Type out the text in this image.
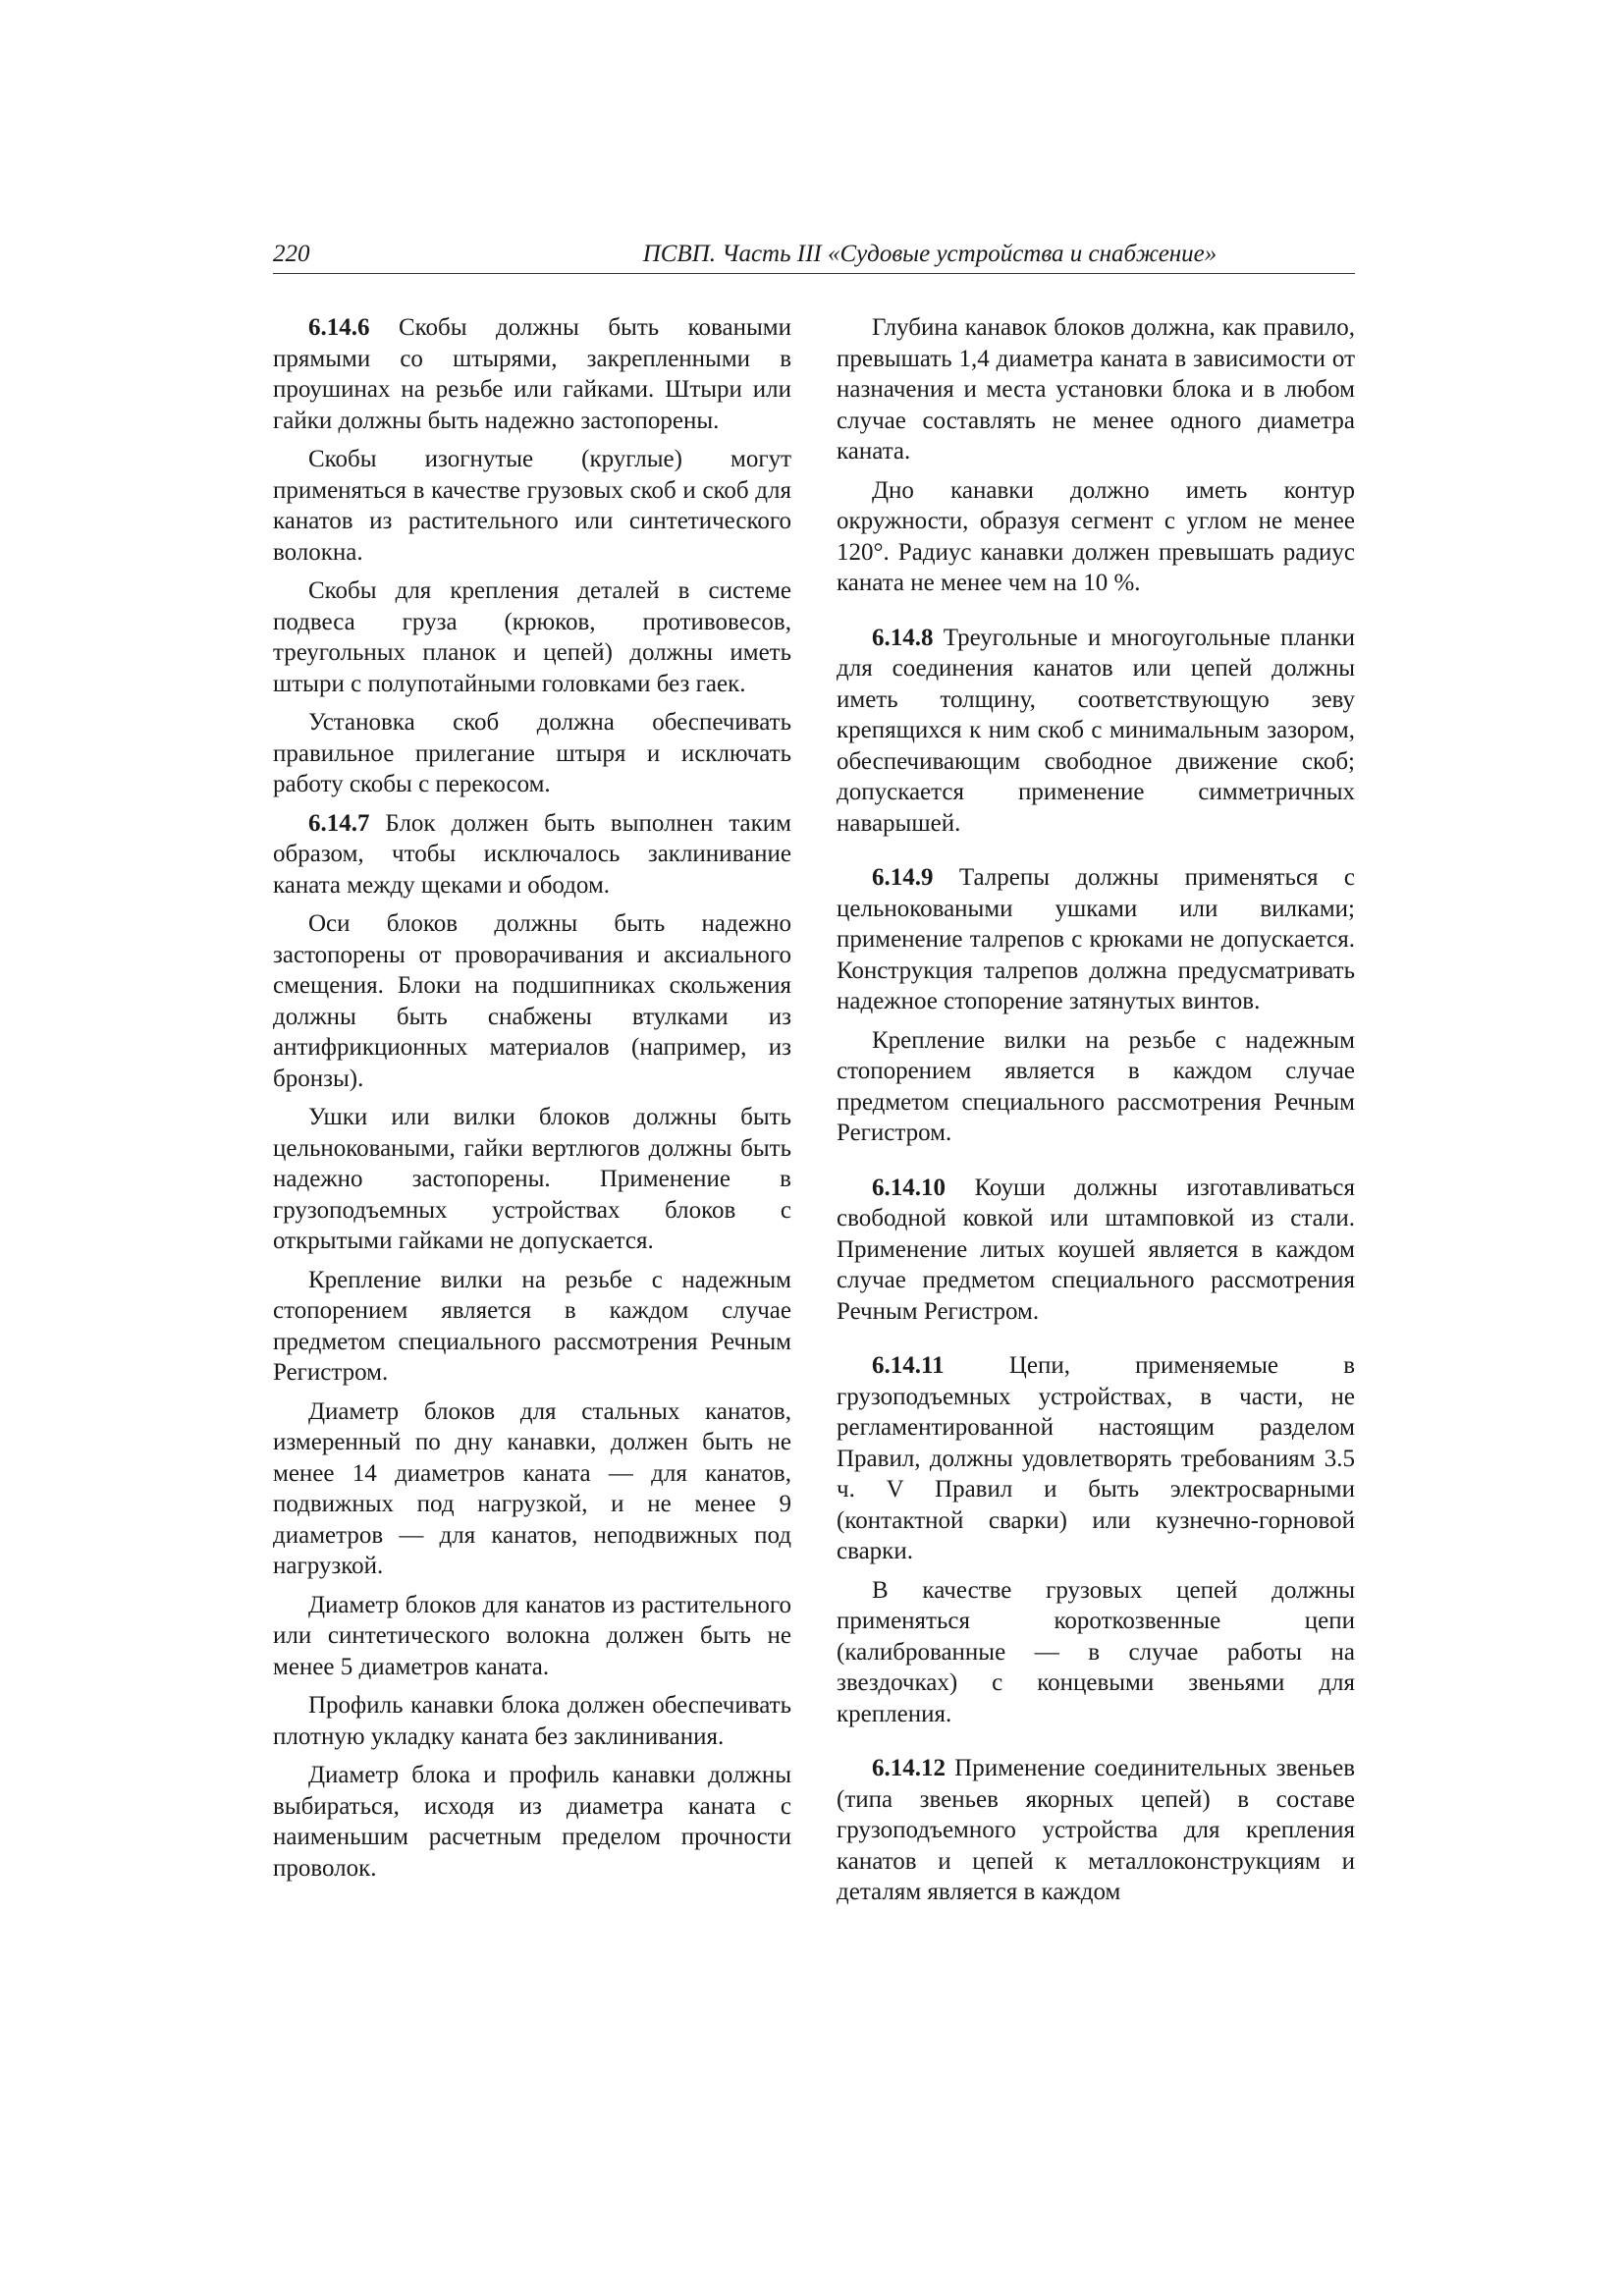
220	ПСВП. Часть III «Судовые устройства и снабжение»

6.14.6 Скобы должны быть коваными прямыми со штырями, закрепленными в проушинах на резьбе или гайками. Штыри или гайки должны быть надежно застопорены.

Скобы изогнутые (круглые) могут применяться в качестве грузовых скоб и скоб для канатов из растительного или синтетического волокна.

Скобы для крепления деталей в системе подвеса груза (крюков, противовесов, треугольных планок и цепей) должны иметь штыри с полупотайными головками без гаек.

Установка скоб должна обеспечивать правильное прилегание штыря и исключать работу скобы с перекосом.

6.14.7 Блок должен быть выполнен таким образом, чтобы исключалось заклинивание каната между щеками и ободом.

Оси блоков должны быть надежно застопорены от проворачивания и аксиального смещения. Блоки на подшипниках скольжения должны быть снабжены втулками из антифрикционных материалов (например, из бронзы).

Ушки или вилки блоков должны быть цельноковаными, гайки вертлюгов должны быть надежно застопорены. Применение в грузоподъемных устройствах блоков с открытыми гайками не допускается.

Крепление вилки на резьбе с надежным стопорением является в каждом случае предметом специального рассмотрения Речным Регистром.

Диаметр блоков для стальных канатов, измеренный по дну канавки, должен быть не менее 14 диаметров каната — для канатов, подвижных под нагрузкой, и не менее 9 диаметров — для канатов, неподвижных под нагрузкой.

Диаметр блоков для канатов из растительного или синтетического волокна должен быть не менее 5 диаметров каната.

Профиль канавки блока должен обеспечивать плотную укладку каната без заклинивания.

Диаметр блока и профиль канавки должны выбираться, исходя из диаметра каната с наименьшим расчетным пределом прочности проволок.

Глубина канавок блоков должна, как правило, превышать 1,4 диаметра каната в зависимости от назначения и места установки блока и в любом случае составлять не менее одного диаметра каната.

Дно канавки должно иметь контур окружности, образуя сегмент с углом не менее 120°. Радиус канавки должен превышать радиус каната не менее чем на 10 %.

6.14.8 Треугольные и многоугольные планки для соединения канатов или цепей должны иметь толщину, соответствующую зеву крепящихся к ним скоб с минимальным зазором, обеспечивающим свободное движение скоб; допускается применение симметричных наварышей.

6.14.9 Талрепы должны применяться с цельноковаными ушками или вилками; применение талрепов с крюками не допускается. Конструкция талрепов должна предусматривать надежное стопорение затянутых винтов.

Крепление вилки на резьбе с надежным стопорением является в каждом случае предметом специального рассмотрения Речным Регистром.

6.14.10 Коуши должны изготавливаться свободной ковкой или штамповкой из стали. Применение литых коушей является в каждом случае предметом специального рассмотрения Речным Регистром.

6.14.11 Цепи, применяемые в грузоподъемных устройствах, в части, не регламентированной настоящим разделом Правил, должны удовлетворять требованиям 3.5 ч. V Правил и быть электросварными (контактной сварки) или кузнечно-горновой сварки.

В качестве грузовых цепей должны применяться короткозвенные цепи (калиброванные — в случае работы на звездочках) с концевыми звеньями для крепления.

6.14.12 Применение соединительных звеньев (типа звеньев якорных цепей) в составе грузоподъемного устройства для крепления канатов и цепей к металлоконструкциям и деталям является в каждом
